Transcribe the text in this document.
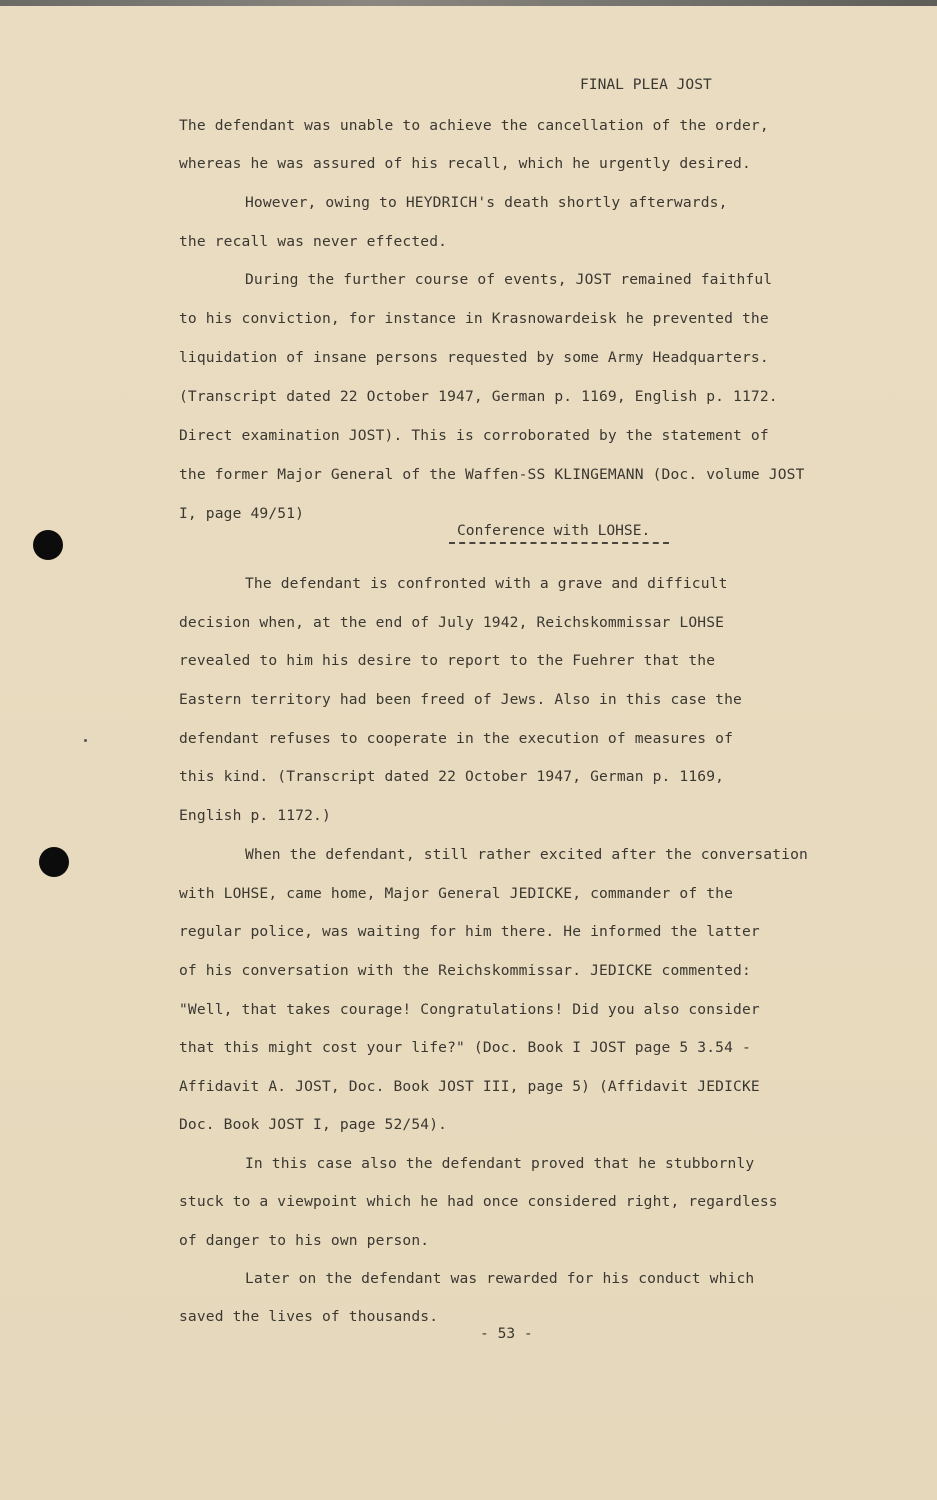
FINAL PLEA JOST
The defendant was unable to achieve the cancellation of the order,
whereas he was assured of his recall, which he urgently desired.
However, owing to HEYDRICH's death shortly afterwards,
the recall was never effected.
During the further course of events, JOST remained faithful
to his conviction, for instance in Krasnowardeisk he prevented the
liquidation of insane persons requested by some Army Headquarters.
(Transcript dated 22 October 1947, German p. 1169, English p. 1172.
Direct examination JOST). This is corroborated by the statement of
the former Major General of the Waffen-SS KLINGEMANN (Doc. volume JOST
I, page 49/51)
Conference with LOHSE.
The defendant is confronted with a grave and difficult
decision when, at the end of July 1942, Reichskommissar LOHSE
revealed to him his desire to report to the Fuehrer that the
Eastern territory had been freed of Jews. Also in this case the
defendant refuses to cooperate in the execution of measures of
this kind. (Transcript dated 22 October 1947, German p. 1169,
English p. 1172.)
When the defendant, still rather excited after the conversation
with LOHSE, came home, Major General JEDICKE, commander of the
regular police, was waiting for him there. He informed the latter
of his conversation with the Reichskommissar. JEDICKE commented:
"Well, that takes courage! Congratulations! Did you also consider
that this might cost your life?" (Doc. Book I JOST page 5 3.54 -
Affidavit A. JOST, Doc. Book JOST III, page 5) (Affidavit JEDICKE
Doc. Book JOST I, page 52/54).
In this case also the defendant proved that he stubbornly
stuck to a viewpoint which he had once considered right, regardless
of danger to his own person.
Later on the defendant was rewarded for his conduct which
saved the lives of thousands.
- 53 -
